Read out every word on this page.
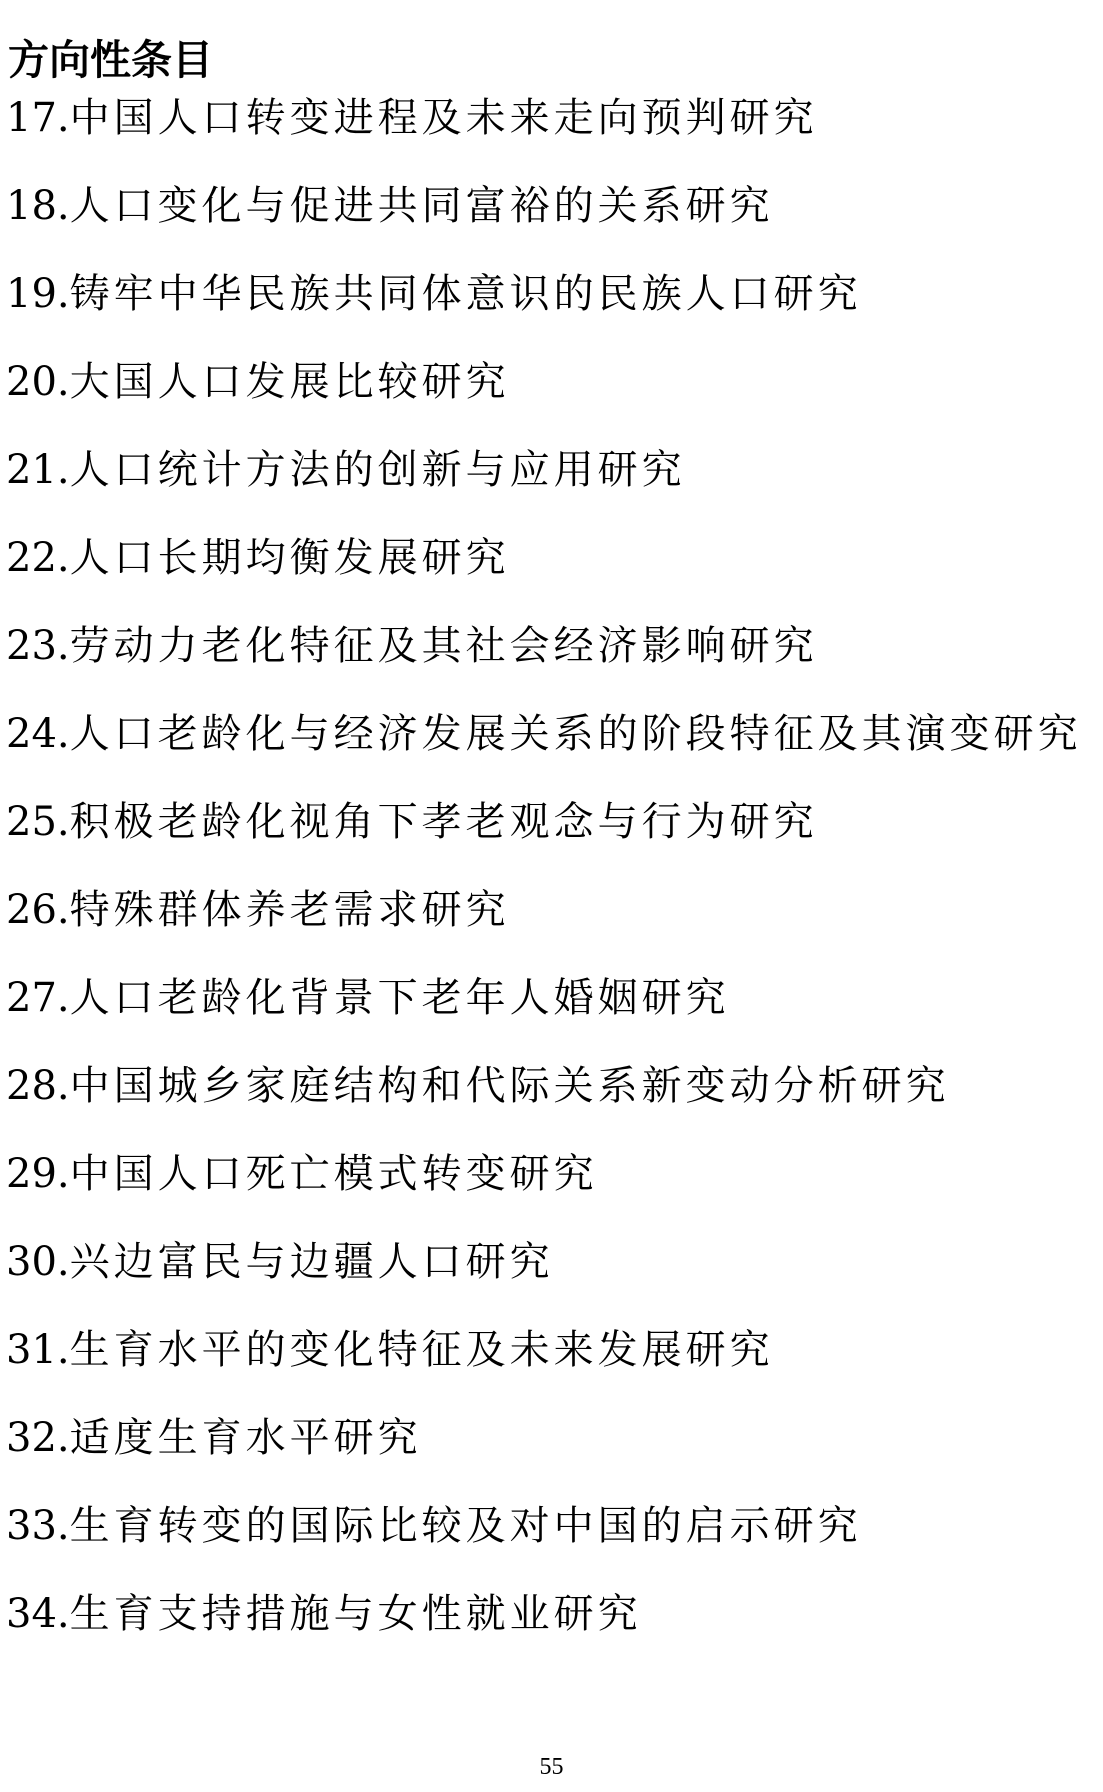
方向性条目
17.中国人口转变进程及未来走向预判研究
18.人口变化与促进共同富裕的关系研究
19.铸牢中华民族共同体意识的民族人口研究
20.大国人口发展比较研究
21.人口统计方法的创新与应用研究
22.人口长期均衡发展研究
23.劳动力老化特征及其社会经济影响研究
24.人口老龄化与经济发展关系的阶段特征及其演变研究
25.积极老龄化视角下孝老观念与行为研究
26.特殊群体养老需求研究
27.人口老龄化背景下老年人婚姻研究
28.中国城乡家庭结构和代际关系新变动分析研究
29.中国人口死亡模式转变研究
30.兴边富民与边疆人口研究
31.生育水平的变化特征及未来发展研究
32.适度生育水平研究
33.生育转变的国际比较及对中国的启示研究
34.生育支持措施与女性就业研究
55
